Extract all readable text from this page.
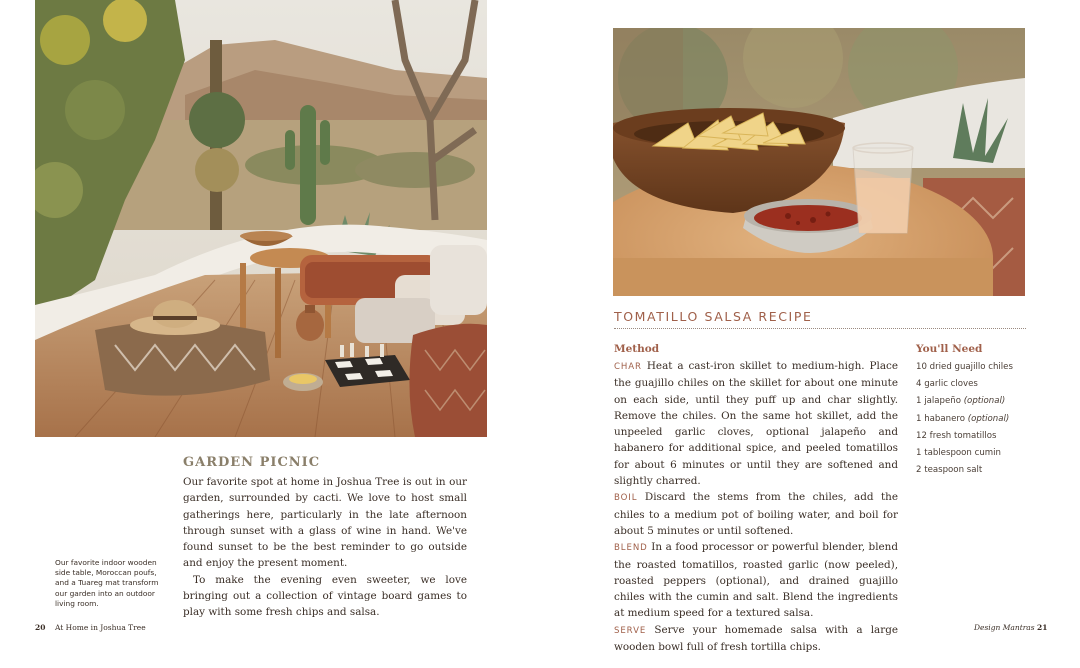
GARDEN PICNIC

Our favorite spot at home in Joshua Tree is out in our garden, surrounded by cacti. We love to host small gatherings here, particularly in the late afternoon through sunset with a glass of wine in hand. We've found sunset to be the best reminder to go outside and enjoy the present moment.

To make the evening even sweeter, we love bringing out a collection of vintage board games to play with some fresh chips and salsa.

Our favorite indoor wooden side table, Moroccan poufs, and a Tuareg mat transform our garden into an outdoor living room.
20 At Home in Joshua Tree
TOMATILLO SALSA RECIPE
Method

CHAR Heat a cast-iron skillet to medium-high. Place the guajillo chiles on the skillet for about one minute on each side, until they puff up and char slightly. Remove the chiles. On the same hot skillet, add the unpeeled garlic cloves, optional jalapeño and habanero for additional spice, and peeled tomatillos for about 6 minutes or until they are softened and slightly charred.

BOIL Discard the stems from the chiles, add the chiles to a medium pot of boiling water, and boil for about 5 minutes or until softened.

BLEND In a food processor or powerful blender, blend the roasted tomatillos, roasted garlic (now peeled), roasted peppers (optional), and drained guajillo chiles with the cumin and salt. Blend the ingredients at medium speed for a textured salsa.

SERVE Serve your homemade salsa with a large wooden bowl full of fresh tortilla chips.

You'll Need
10 dried guajillo chiles
4 garlic cloves
1 jalapeño (optional)
1 habanero (optional)
12 fresh tomatillos
1 tablespoon cumin
2 teaspoon salt
Design Mantras 21
